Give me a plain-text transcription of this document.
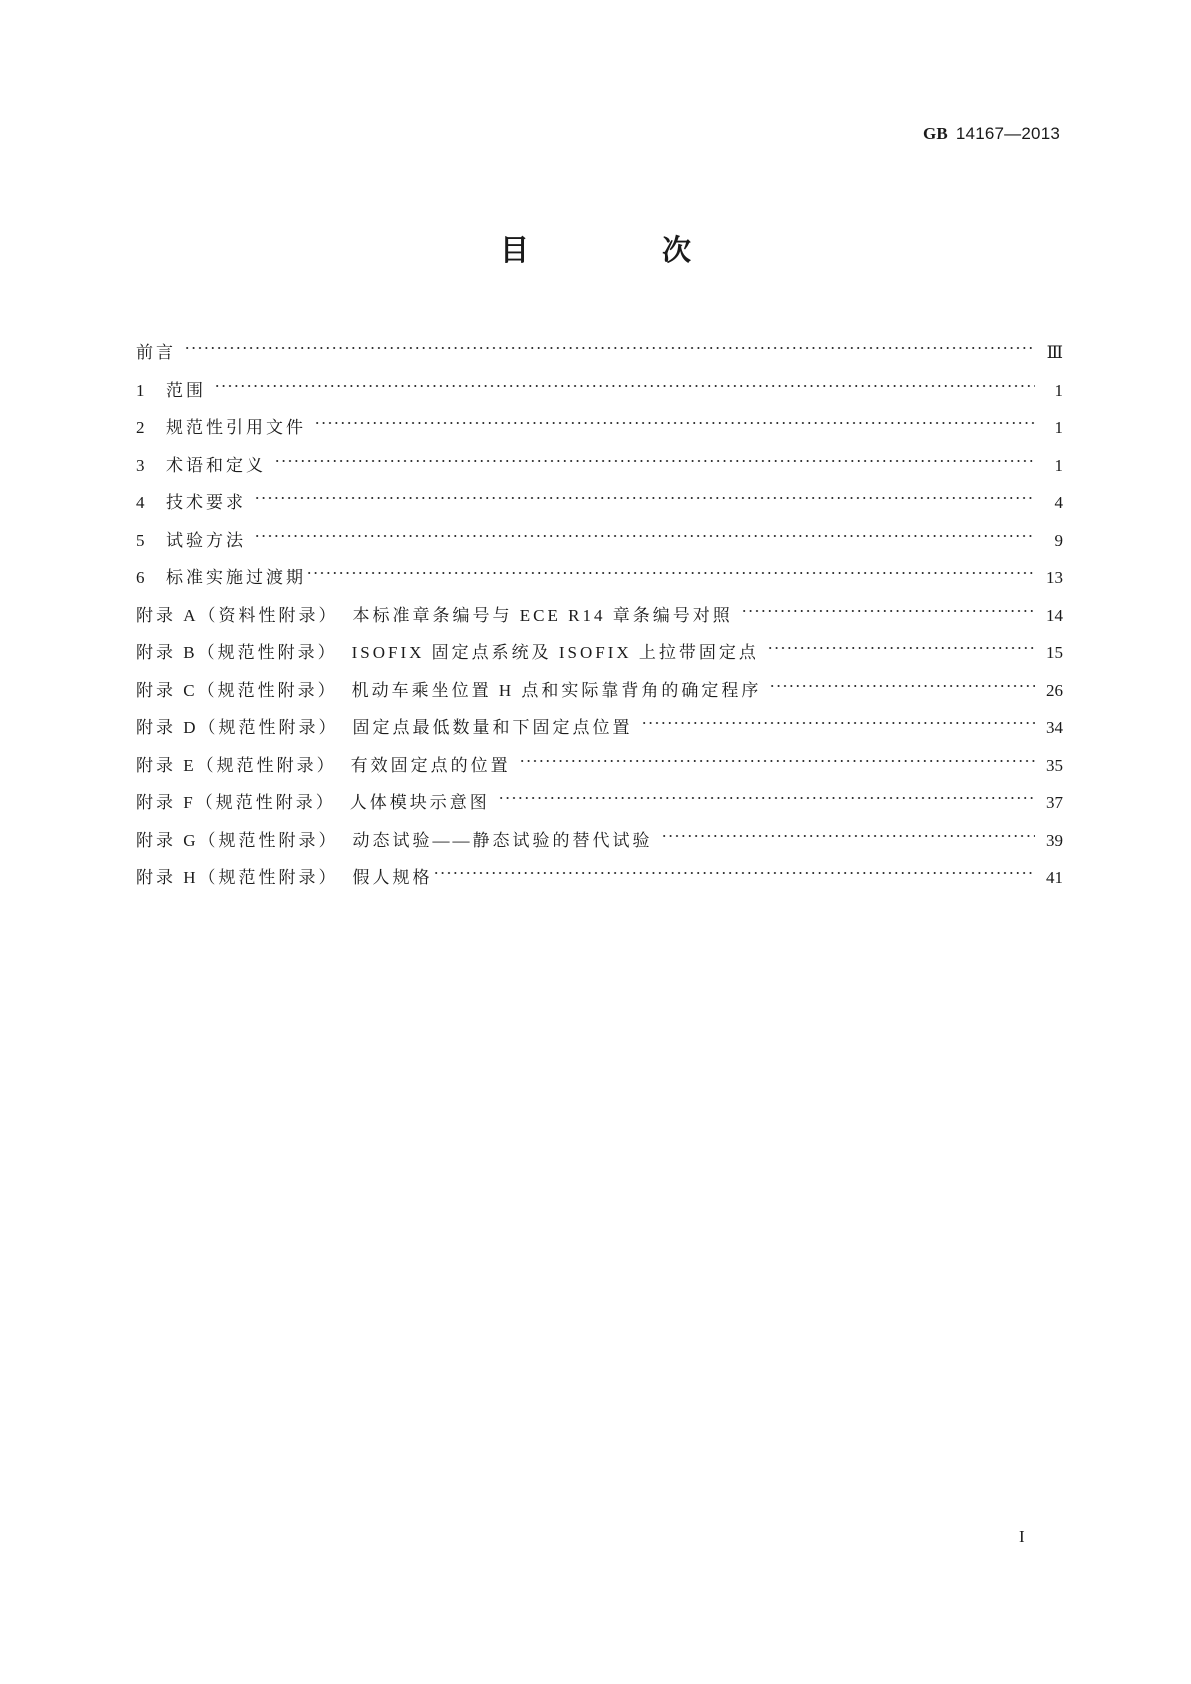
GB 14167—2013
目　次
前言	Ⅲ
1 范围	1
2 规范性引用文件	1
3 术语和定义	1
4 技术要求	4
5 试验方法	9
6 标准实施过渡期	13
附录 A（资料性附录） 本标准章条编号与 ECE R14 章条编号对照	14
附录 B（规范性附录） ISOFIX 固定点系统及 ISOFIX 上拉带固定点	15
附录 C（规范性附录） 机动车乘坐位置 H 点和实际靠背角的确定程序	26
附录 D（规范性附录） 固定点最低数量和下固定点位置	34
附录 E（规范性附录） 有效固定点的位置	35
附录 F（规范性附录） 人体模块示意图	37
附录 G（规范性附录） 动态试验——静态试验的替代试验	39
附录 H（规范性附录） 假人规格	41
I
